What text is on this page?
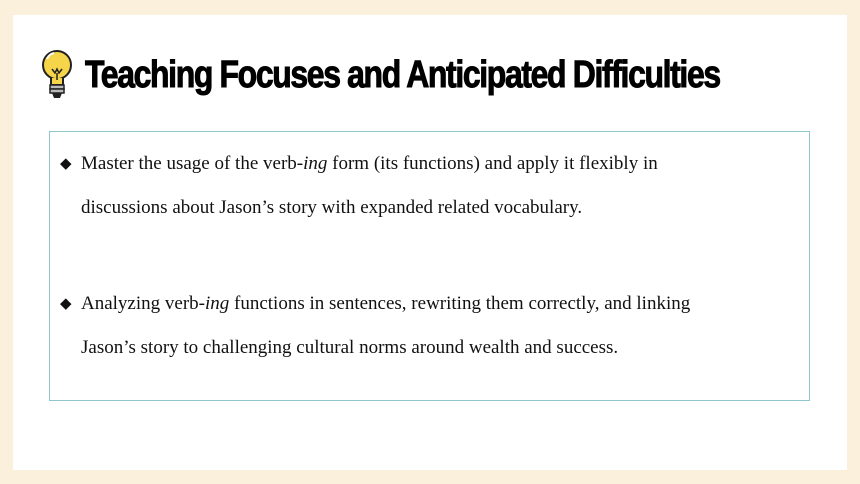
Teaching Focuses and Anticipated Difficulties
◆ Master the usage of the verb-ing form (its functions) and apply it flexibly in
discussions about Jason’s story with expanded related vocabulary.
◆ Analyzing verb-ing functions in sentences, rewriting them correctly, and linking
Jason’s story to challenging cultural norms around wealth and success.
